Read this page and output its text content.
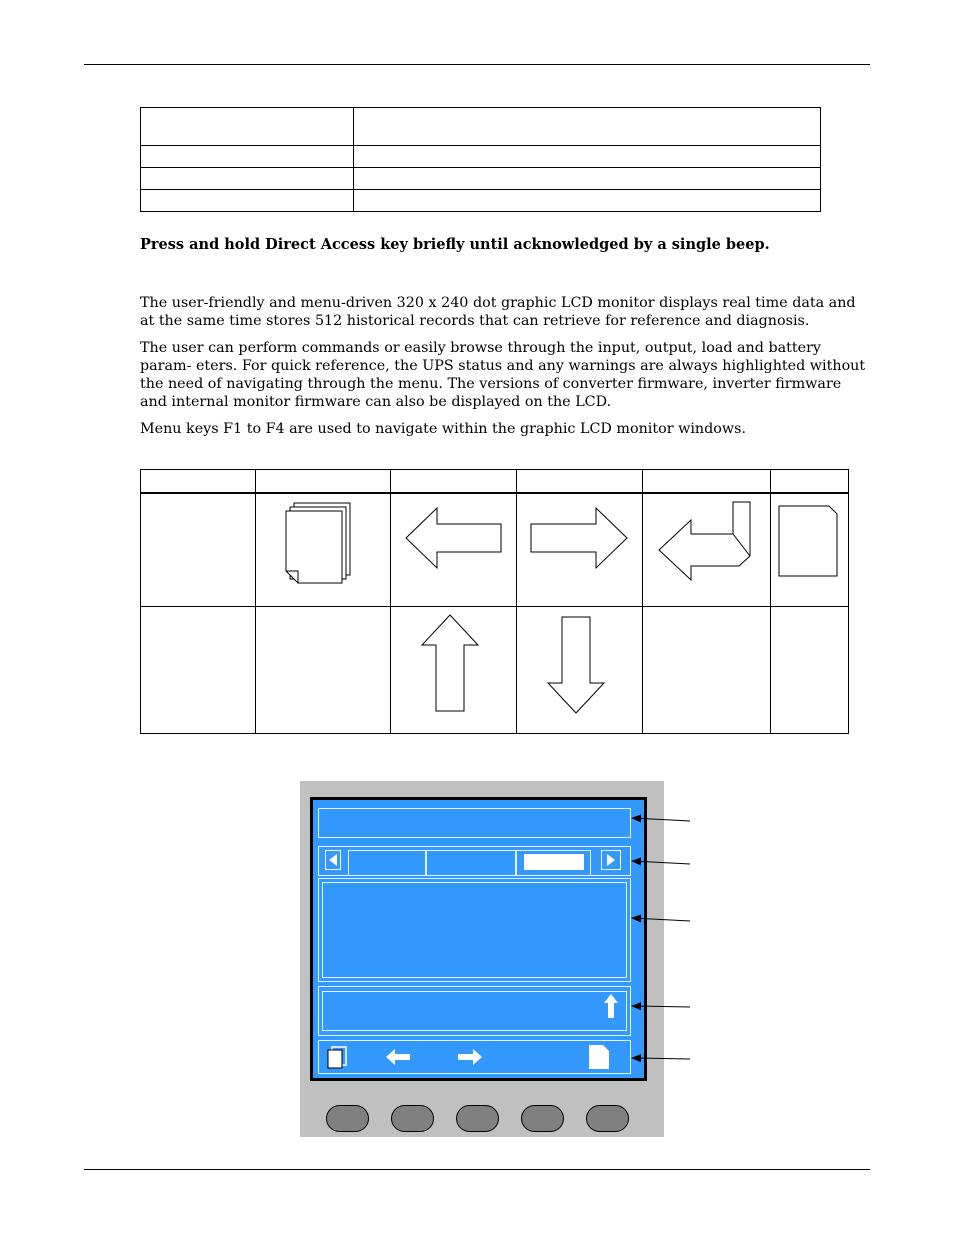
Press and hold Direct Access key briefly until acknowledged by a single beep.

The user-friendly and menu-driven 320 x 240 dot graphic LCD monitor displays real time data and at the same time stores 512 historical records that can retrieve for reference and diagnosis.

The user can perform commands or easily browse through the input, output, load and battery param- eters. For quick reference, the UPS status and any warnings are always highlighted without the need of navigating through the menu. The versions of converter firmware, inverter firmware and internal monitor firmware can also be displayed on the LCD.

Menu keys F1 to F4 are used to navigate within the graphic LCD monitor windows.
